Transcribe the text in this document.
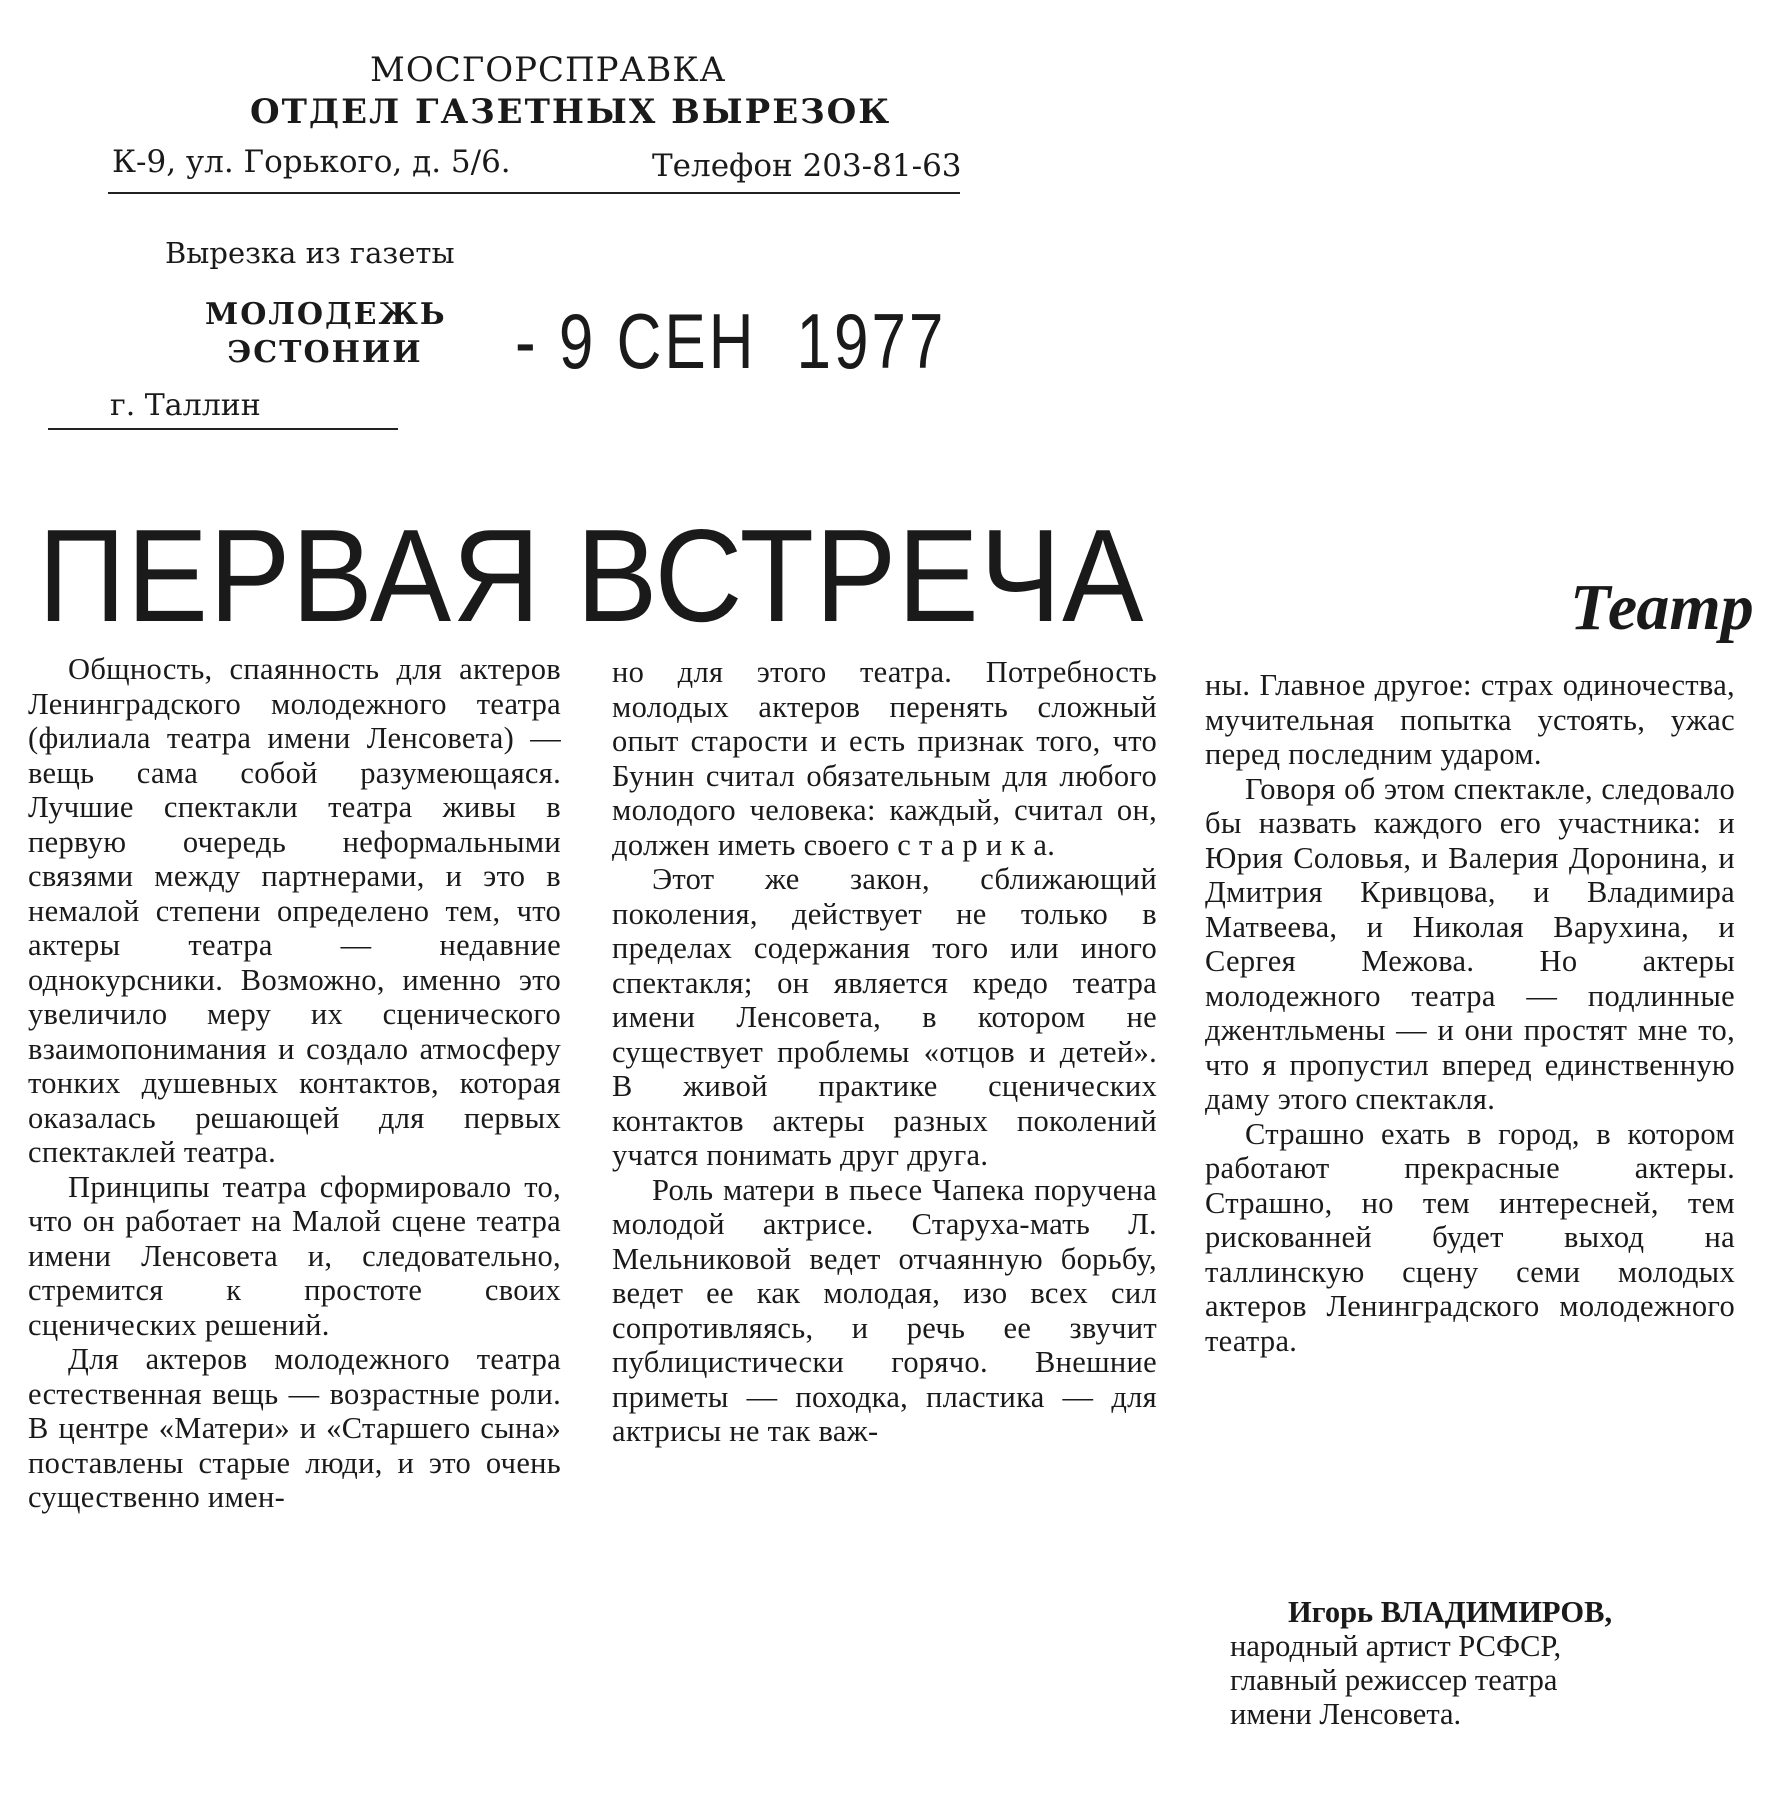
МОСГОРСПРАВКА
ОТДЕЛ ГАЗЕТНЫХ ВЫРЕЗОК
К-9, ул. Горького, д. 5/6.	Телефон 203-81-63
Вырезка из газеты
МОЛОДЕЖЬ
ЭСТОНИИ	- 9 СЕН 1977
г. Таллин
ПЕРВАЯ ВСТРЕЧА	Театр

Общность, спаянность для актеров Ленинградского молодежного театра (филиала театра имени Ленсовета) — вещь сама собой разумеющаяся. Лучшие спектакли театра живы в первую очередь неформальными связями между партнерами, и это в немалой степени определено тем, что актеры театра — недавние однокурсники. Возможно, именно это увеличило меру их сценического взаимопонимания и создало атмосферу тонких душевных контактов, которая оказалась решающей для первых спектаклей театра.

Принципы театра сформировало то, что он работает на Малой сцене театра имени Ленсовета и, следовательно, стремится к простоте своих сценических решений.

Для актеров молодежного театра естественная вещь — возрастные роли. В центре «Матери» и «Старшего сына» поставлены старые люди, и это очень существенно имен-

но для этого театра. Потребность молодых актеров перенять сложный опыт старости и есть признак того, что Бунин считал обязательным для любого молодого человека: каждый, считал он, должен иметь своего с т а р и к а.

Этот же закон, сближающий поколения, действует не только в пределах содержания того или иного спектакля; он является кредо театра имени Ленсовета, в котором не существует проблемы «отцов и детей». В живой практике сценических контактов актеры разных поколений учатся понимать друг друга.

Роль матери в пьесе Чапека поручена молодой актрисе. Старуха-мать Л. Мельниковой ведет отчаянную борьбу, ведет ее как молодая, изо всех сил сопротивляясь, и речь ее звучит публицистически горячо. Внешние приметы — походка, пластика — для актрисы не так важ-

ны. Главное другое: страх одиночества, мучительная попытка устоять, ужас перед последним ударом.

Говоря об этом спектакле, следовало бы назвать каждого его участника: и Юрия Соловья, и Валерия Доронина, и Дмитрия Кривцова, и Владимира Матвеева, и Николая Варухина, и Сергея Межова. Но актеры молодежного театра — подлинные джентльмены — и они простят мне то, что я пропустил вперед единственную даму этого спектакля.

Страшно ехать в город, в котором работают прекрасные актеры. Страшно, но тем интересней, тем рискованней будет выход на таллинскую сцену семи молодых актеров Ленинградского молодежного театра.

Игорь ВЛАДИМИРОВ,
народный артист РСФСР,
главный режиссер театра
имени Ленсовета.
